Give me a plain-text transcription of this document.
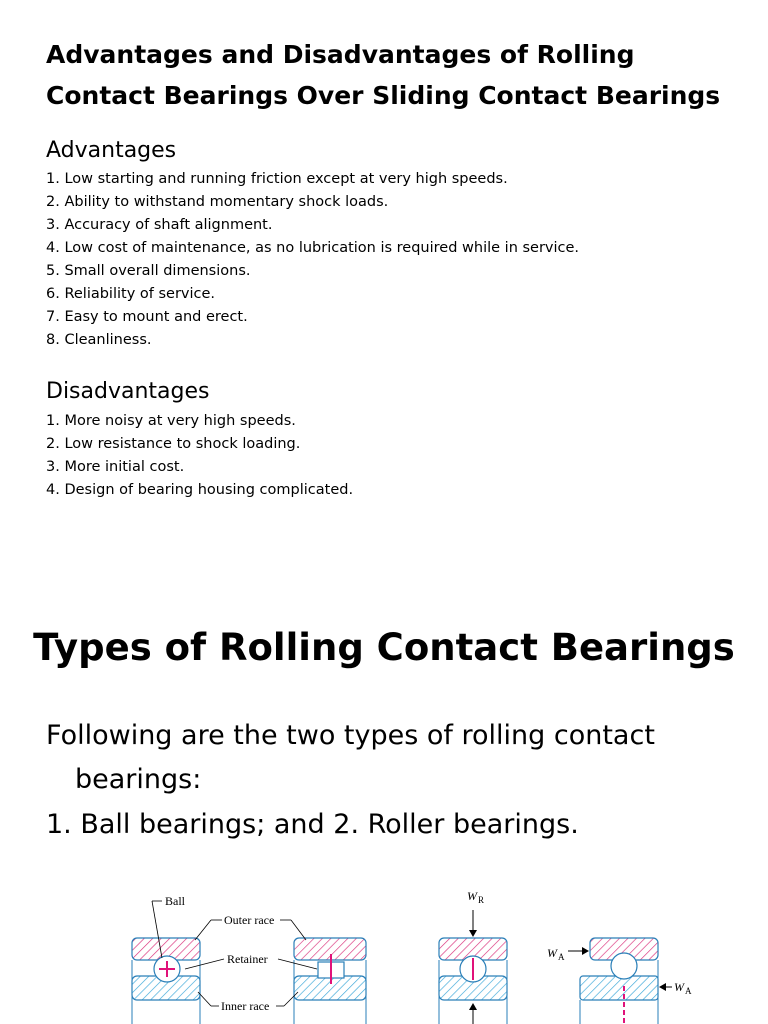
Advantages and Disadvantages of Rolling
Contact Bearings Over Sliding Contact Bearings
Advantages
1. Low starting and running friction except at very high speeds.
2. Ability to withstand momentary shock loads.
3. Accuracy of shaft alignment.
4. Low cost of maintenance, as no lubrication is required while in service.
5. Small overall dimensions.
6. Reliability of service.
7. Easy to mount and erect.
8. Cleanliness.
Disadvantages
1. More noisy at very high speeds.
2. Low resistance to shock loading.
3. More initial cost.
4. Design of bearing housing complicated.
Types of Rolling Contact Bearings
Following are the two types of rolling contact bearings:
1. Ball bearings; and 2. Roller bearings.
Ball
Outer race
Retainer
Inner race
W R
W A
W A
